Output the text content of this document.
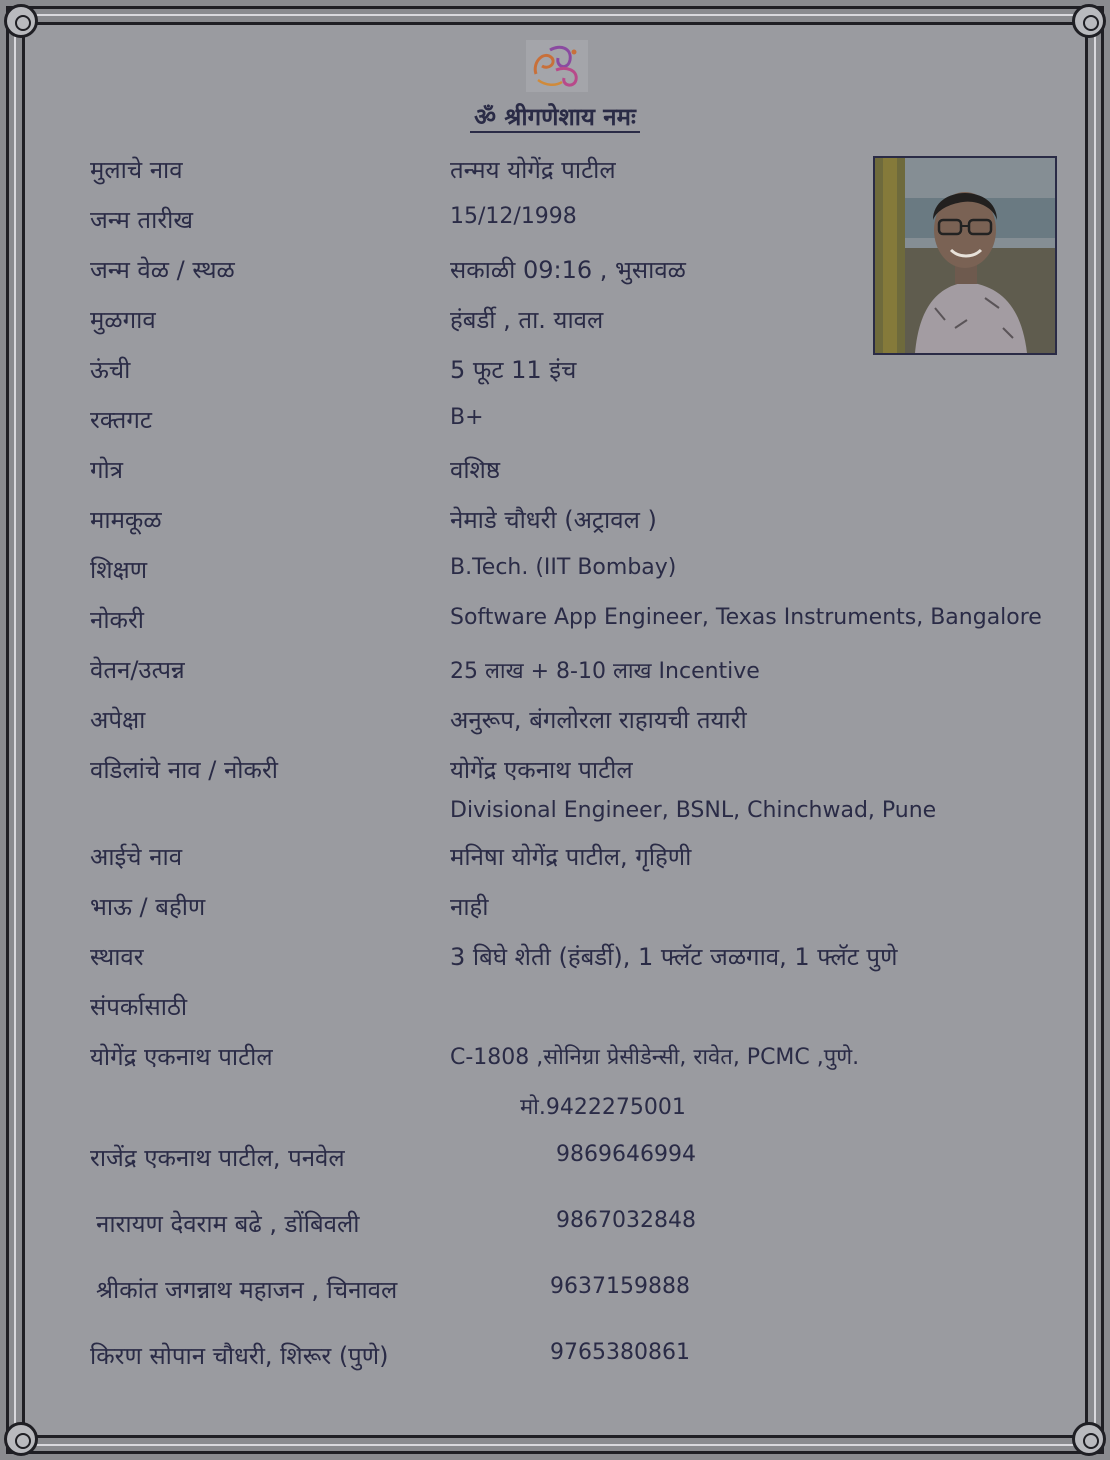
ॐ श्रीगणेशाय नमः
मुलाचे नाव	तन्मय योगेंद्र पाटील
जन्म तारीख	15/12/1998
जन्म वेळ / स्थळ	सकाळी 09:16 , भुसावळ
मुळगाव	हंबर्डी , ता. यावल
ऊंची	5 फूट 11 इंच
रक्तगट	B+
गोत्र	वशिष्ठ
मामकूळ	नेमाडे चौधरी (अट्रावल )
शिक्षण	B.Tech. (IIT Bombay)
नोकरी	Software App Engineer, Texas Instruments, Bangalore
वेतन/उत्पन्न	25 लाख + 8-10 लाख Incentive
अपेक्षा	अनुरूप, बंगलोरला राहायची तयारी
वडिलांचे नाव / नोकरी	योगेंद्र एकनाथ पाटील
Divisional Engineer, BSNL, Chinchwad, Pune
आईचे नाव	मनिषा योगेंद्र पाटील, गृहिणी
भाऊ / बहीण	नाही
स्थावर	3 बिघे शेती (हंबर्डी), 1 फ्लॅट जळगाव, 1 फ्लॅट पुणे
संपर्कासाठी
योगेंद्र एकनाथ पाटील	C-1808 ,सोनिग्रा प्रेसीडेन्सी, रावेत, PCMC ,पुणे.
मो.9422275001
राजेंद्र एकनाथ पाटील, पनवेल	9869646994
नारायण देवराम बढे , डोंबिवली	9867032848
श्रीकांत जगन्नाथ महाजन , चिनावल	9637159888
किरण सोपान चौधरी, शिरूर (पुणे)	9765380861
